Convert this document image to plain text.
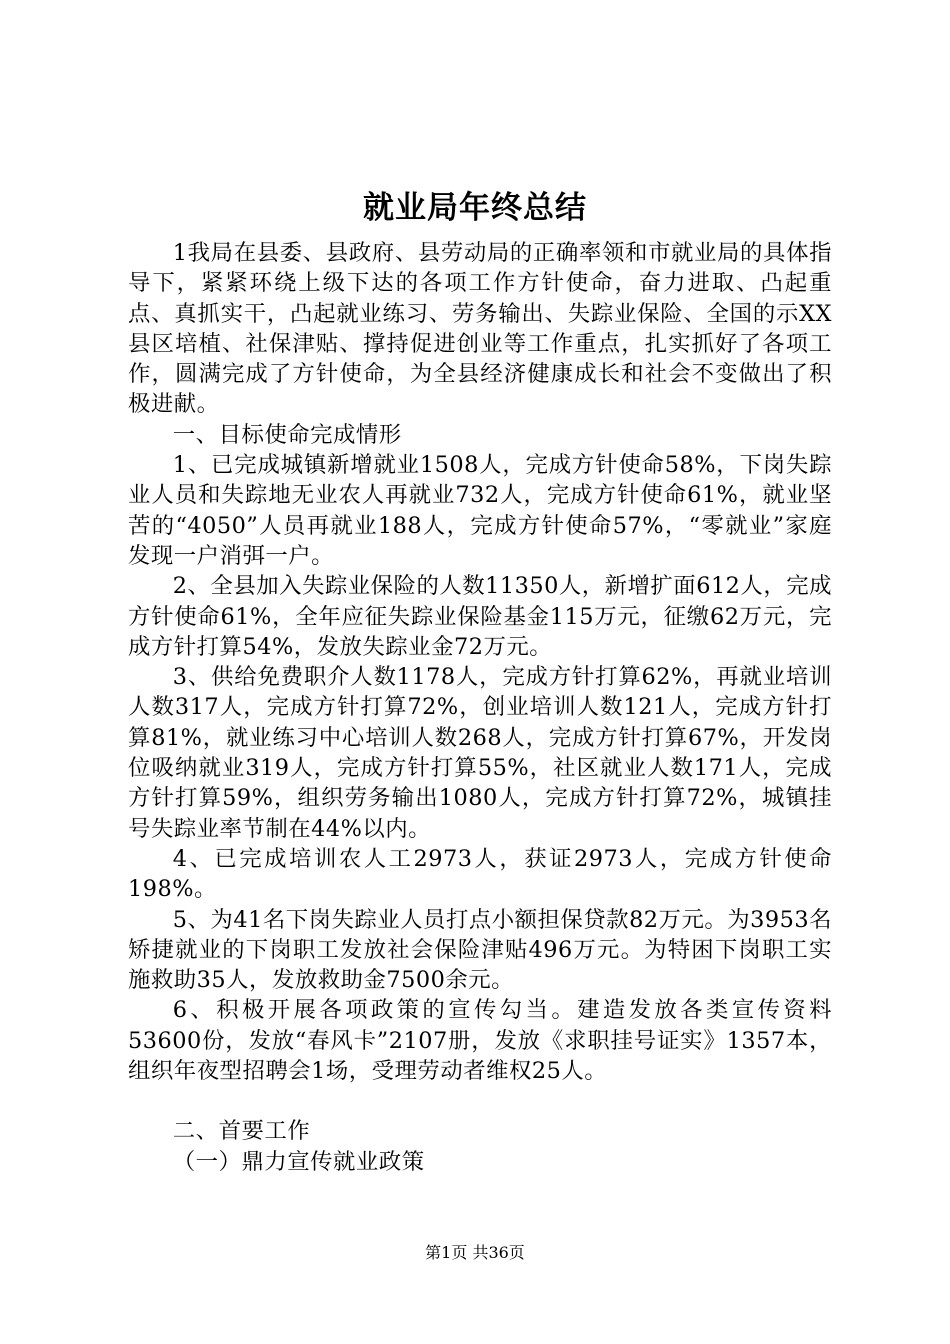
就业局年终总结

1我局在县委、县政府、县劳动局的正确率领和市就业局的具体指导下，紧紧环绕上级下达的各项工作方针使命，奋力进取、凸起重点、真抓实干，凸起就业练习、劳务输出、失踪业保险、全国的示XX县区培植、社保津贴、撑持促进创业等工作重点，扎实抓好了各项工作，圆满完成了方针使命，为全县经济健康成长和社会不变做出了积极进献。

一、目标使命完成情形

1、已完成城镇新增就业1508人，完成方针使命58%，下岗失踪业人员和失踪地无业农人再就业732人，完成方针使命61%，就业坚苦的“4050”人员再就业188人，完成方针使命57%，“零就业”家庭发现一户消弭一户。

2、全县加入失踪业保险的人数11350人，新增扩面612人，完成方针使命61%，全年应征失踪业保险基金115万元，征缴62万元，完成方针打算54%，发放失踪业金72万元。

3、供给免费职介人数1178人，完成方针打算62%，再就业培训人数317人，完成方针打算72%，创业培训人数121人，完成方针打算81%，就业练习中心培训人数268人，完成方针打算67%，开发岗位吸纳就业319人，完成方针打算55%，社区就业人数171人，完成方针打算59%，组织劳务输出1080人，完成方针打算72%，城镇挂号失踪业率节制在44%以内。

4、已完成培训农人工2973人，获证2973人，完成方针使命198%。

5、为41名下岗失踪业人员打点小额担保贷款82万元。为3953名矫捷就业的下岗职工发放社会保险津贴496万元。为特困下岗职工实施救助35人，发放救助金7500余元。

6、积极开展各项政策的宣传勾当。建造发放各类宣传资料53600份，发放“春风卡”2107册，发放《求职挂号证实》1357本，组织年夜型招聘会1场，受理劳动者维权25人。

二、首要工作

（一）鼎力宣传就业政策

第1页 共36页
